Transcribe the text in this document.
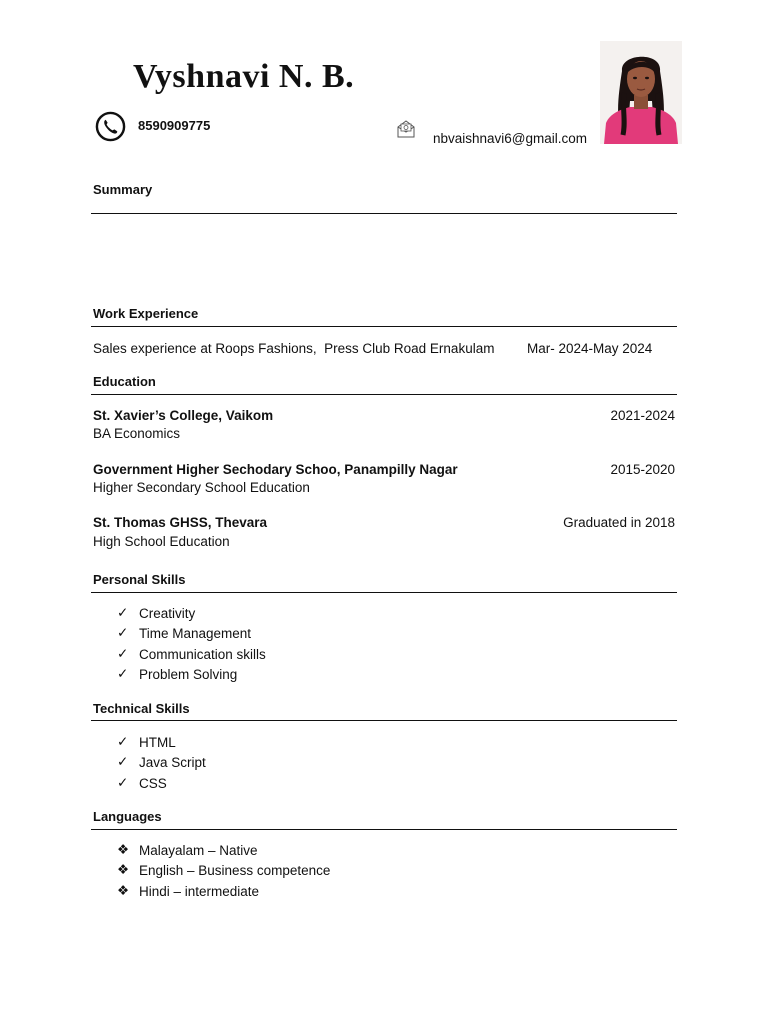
Vyshnavi N. B.
8590909775
nbvaishnavi6@gmail.com
Summary
Work Experience
Sales experience at Roops Fashions,  Press Club Road Ernakulam Mar- 2024-May 2024
Education
St. Xavier’s College, Vaikom	2021-2024
BA Economics
Government Higher Sechodary Schoo, Panampilly Nagar	2015-2020
Higher Secondary School Education
St. Thomas GHSS, Thevara	Graduated in 2018
High School Education
Personal Skills
✓ Creativity
✓ Time Management
✓ Communication skills
✓ Problem Solving
Technical Skills
✓ HTML
✓ Java Script
✓ CSS
Languages
❖ Malayalam – Native
❖ English – Business competence
❖ Hindi – intermediate
